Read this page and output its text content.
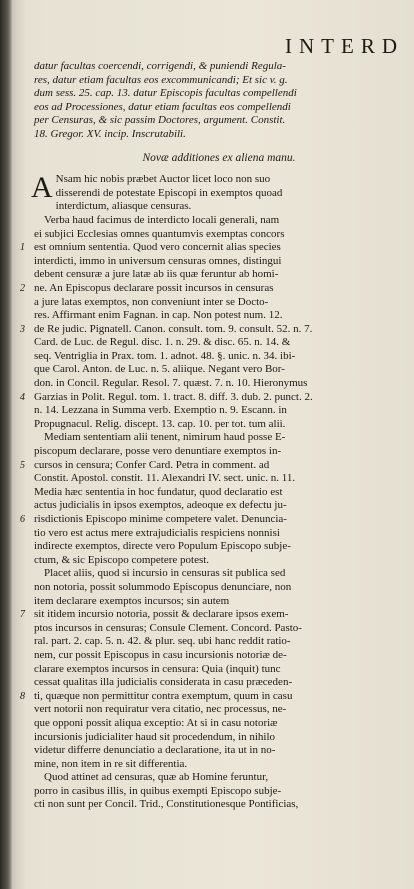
INTERD

datur facultas coercendi, corrigendi, & puniendi Regula-
res, datur etiam facultas eos excommunicandi; Et sic v. g.
dum sess. 25. cap. 13. datur Episcopis facultas compellendi
eos ad Processiones, datur etiam facultas eos compellendi
per Censuras, & sic passim Doctores, argument. Constit.
18. Gregor. XV. incip. Inscrutabili.

Novæ additiones ex aliena manu.

A Nsam hic nobis præbet Auctor licet loco non suo
disserendi de potestate Episcopi in exemptos quoad
interdictum, aliasque censuras.

Verba haud facimus de interdicto locali generali, nam
ei subjici Ecclesias omnes quantumvis exemptas concors
1 est omnium sententia. Quod vero concernit alias species
interdicti, immo in universum censuras omnes, distingui
debent censuræ a jure latæ ab iis quæ feruntur ab homi-
2 ne. An Episcopus declarare possit incursos in censuras
a jure latas exemptos, non conveniunt inter se Docto-
res. Affirmant enim Fagnan. in cap. Non potest num. 12.
3 de Re judic. Pignatell. Canon. consult. tom. 9. consult. 52. n. 7.
Card. de Luc. de Regul. disc. 1. n. 29. & disc. 65. n. 14. &
seq. Ventriglia in Prax. tom. 1. adnot. 48. §. unic. n. 34. ibi-
que Carol. Anton. de Luc. n. 5. aliique. Negant vero Bor-
don. in Concil. Regular. Resol. 7. quæst. 7. n. 10. Hieronymus
4 Garzias in Polit. Regul. tom. 1. tract. 8. diff. 3. dub. 2. punct. 2.
n. 14. Lezzana in Summa verb. Exemptio n. 9. Escann. in
Propugnacul. Relig. discept. 13. cap. 10. per tot. tum alii.

Mediam sententiam alii tenent, nimirum haud posse E-
piscopum declarare, posse vero denuntiare exemptos in-
5 cursos in censura; Confer Card. Petra in comment. ad
Constit. Apostol. constit. 11. Alexandri IV. sect. unic. n. 11.
Media hæc sententia in hoc fundatur, quod declaratio est
actus judicialis in ipsos exemptos, adeoque ex defectu ju-
6 risdictionis Episcopo minime competere valet. Denuncia-
tio vero est actus mere extrajudicialis respiciens nonnisi
indirecte exemptos, directe vero Populum Episcopo subje-
ctum, & sic Episcopo competere potest.

Placet aliis, quod si incursio in censuras sit publica sed
non notoria, possit solummodo Episcopus denunciare, non
item declarare exemptos incursos; sin autem
7 sit itidem incursio notoria, possit & declarare ipsos exem-
ptos incursos in censuras; Consule Clement. Concord. Pasto-
ral. part. 2. cap. 5. n. 42. & plur. seq. ubi hanc reddit ratio-
nem, cur possit Episcopus in casu incursionis notoriæ de-
clarare exemptos incursos in censura: Quia (inquit) tunc
cessat qualitas illa judicialis considerata in casu præceden-
8 ti, quæque non permittitur contra exemptum, quum in casu
vert notorii non requiratur vera citatio, nec processus, ne-
que opponi possit aliqua exceptio: At si in casu notoriæ
incursionis judicialiter haud sit procedendum, in nihilo
videtur differre denunciatio a declaratione, ita ut in no-
mine, non item in re sit differentia.

Quod attinet ad censuras, quæ ab Homine feruntur,
porro in casibus illis, in quibus exempti Episcopo subje-
cti non sunt per Concil. Trid., Constitutionesque Pontificias,
